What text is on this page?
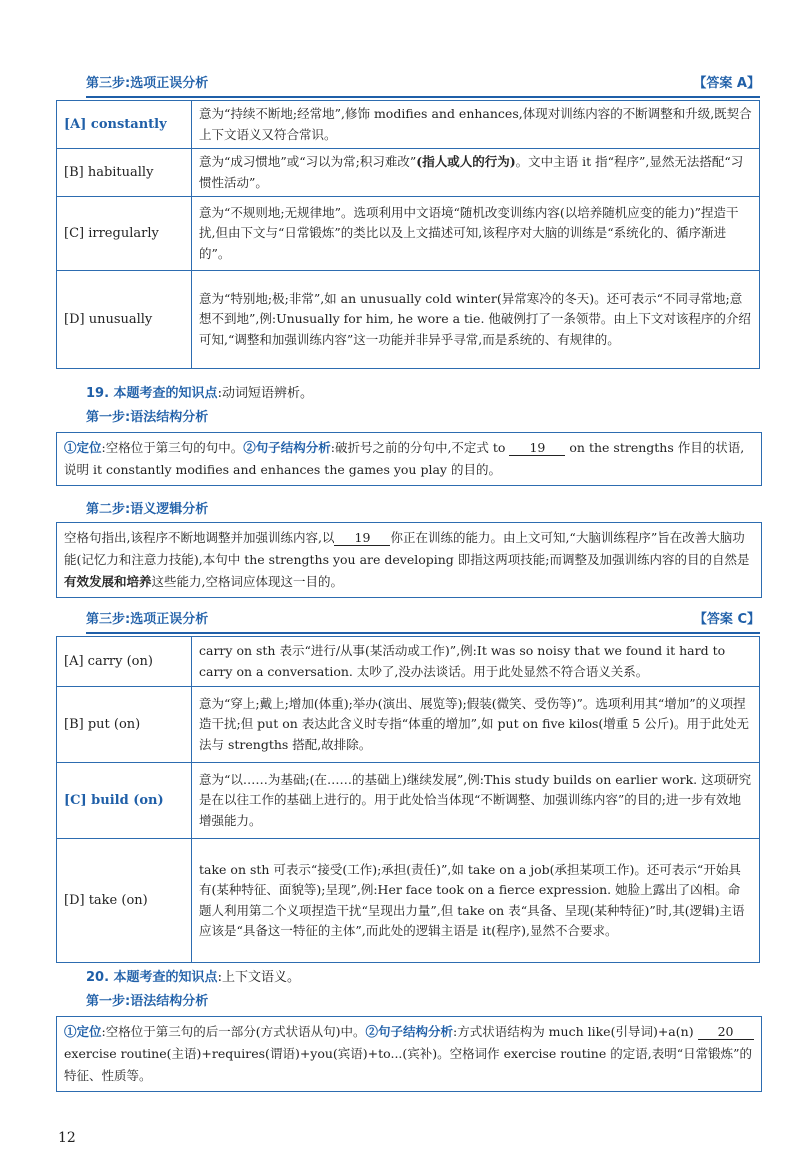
第三步:选项正误分析	【答案 A】
[A] constantly	意为“持续不断地;经常地”,修饰 modifies and enhances,体现对训练内容的不断调整和升级,既契合上下文语义又符合常识。
[B] habitually	意为“成习惯地”或“习以为常;积习难改”(指人或人的行为)。文中主语 it 指“程序”,显然无法搭配“习惯性活动”。
[C] irregularly	意为“不规则地;无规律地”。选项利用中文语境“随机改变训练内容(以培养随机应变的能力)”捏造干扰,但由下文与“日常锻炼”的类比以及上文描述可知,该程序对大脑的训练是“系统化的、循序渐进的”。
[D] unusually	意为“特别地;极;非常”,如 an unusually cold winter(异常寒冷的冬天)。还可表示“不同寻常地;意想不到地”,例:Unusually for him, he wore a tie. 他破例打了一条领带。由上下文对该程序的介绍可知,“调整和加强训练内容”这一功能并非异乎寻常,而是系统的、有规律的。
19. 本题考查的知识点:动词短语辨析。
第一步:语法结构分析
①定位:空格位于第三句的句中。②句子结构分析:破折号之前的分句中,不定式 to 19 on the strengths 作目的状语,说明 it constantly modifies and enhances the games you play 的目的。
第二步:语义逻辑分析
空格句指出,该程序不断地调整并加强训练内容,以 19 你正在训练的能力。由上文可知,“大脑训练程序”旨在改善大脑功能(记忆力和注意力技能),本句中 the strengths you are developing 即指这两项技能;而调整及加强训练内容的目的自然是有效发展和培养这些能力,空格词应体现这一目的。
第三步:选项正误分析	【答案 C】
[A] carry (on)	carry on sth 表示“进行/从事(某活动或工作)”,例:It was so noisy that we found it hard to carry on a conversation. 太吵了,没办法谈话。用于此处显然不符合语义关系。
[B] put (on)	意为“穿上;戴上;增加(体重);举办(演出、展览等);假装(微笑、受伤等)”。选项利用其“增加”的义项捏造干扰;但 put on 表达此含义时专指“体重的增加”,如 put on five kilos(增重 5 公斤)。用于此处无法与 strengths 搭配,故排除。
[C] build (on)	意为“以……为基础;(在……的基础上)继续发展”,例:This study builds on earlier work. 这项研究是在以往工作的基础上进行的。用于此处恰当体现“不断调整、加强训练内容”的目的;进一步有效地增强能力。
[D] take (on)	take on sth 可表示“接受(工作);承担(责任)”,如 take on a job(承担某项工作)。还可表示“开始具有(某种特征、面貌等);呈现”,例:Her face took on a fierce expression. 她脸上露出了凶相。命题人利用第二个义项捏造干扰“呈现出力量”,但 take on 表“具备、呈现(某种特征)”时,其(逻辑)主语应该是“具备这一特征的主体”,而此处的逻辑主语是 it(程序),显然不合要求。
20. 本题考查的知识点:上下文语义。
第一步:语法结构分析
①定位:空格位于第三句的后一部分(方式状语从句)中。②句子结构分析:方式状语结构为 much like(引导词)+a(n) 20 exercise routine(主语)+requires(谓语)+you(宾语)+to...(宾补)。空格词作 exercise routine 的定语,表明“日常锻炼”的特征、性质等。
12
